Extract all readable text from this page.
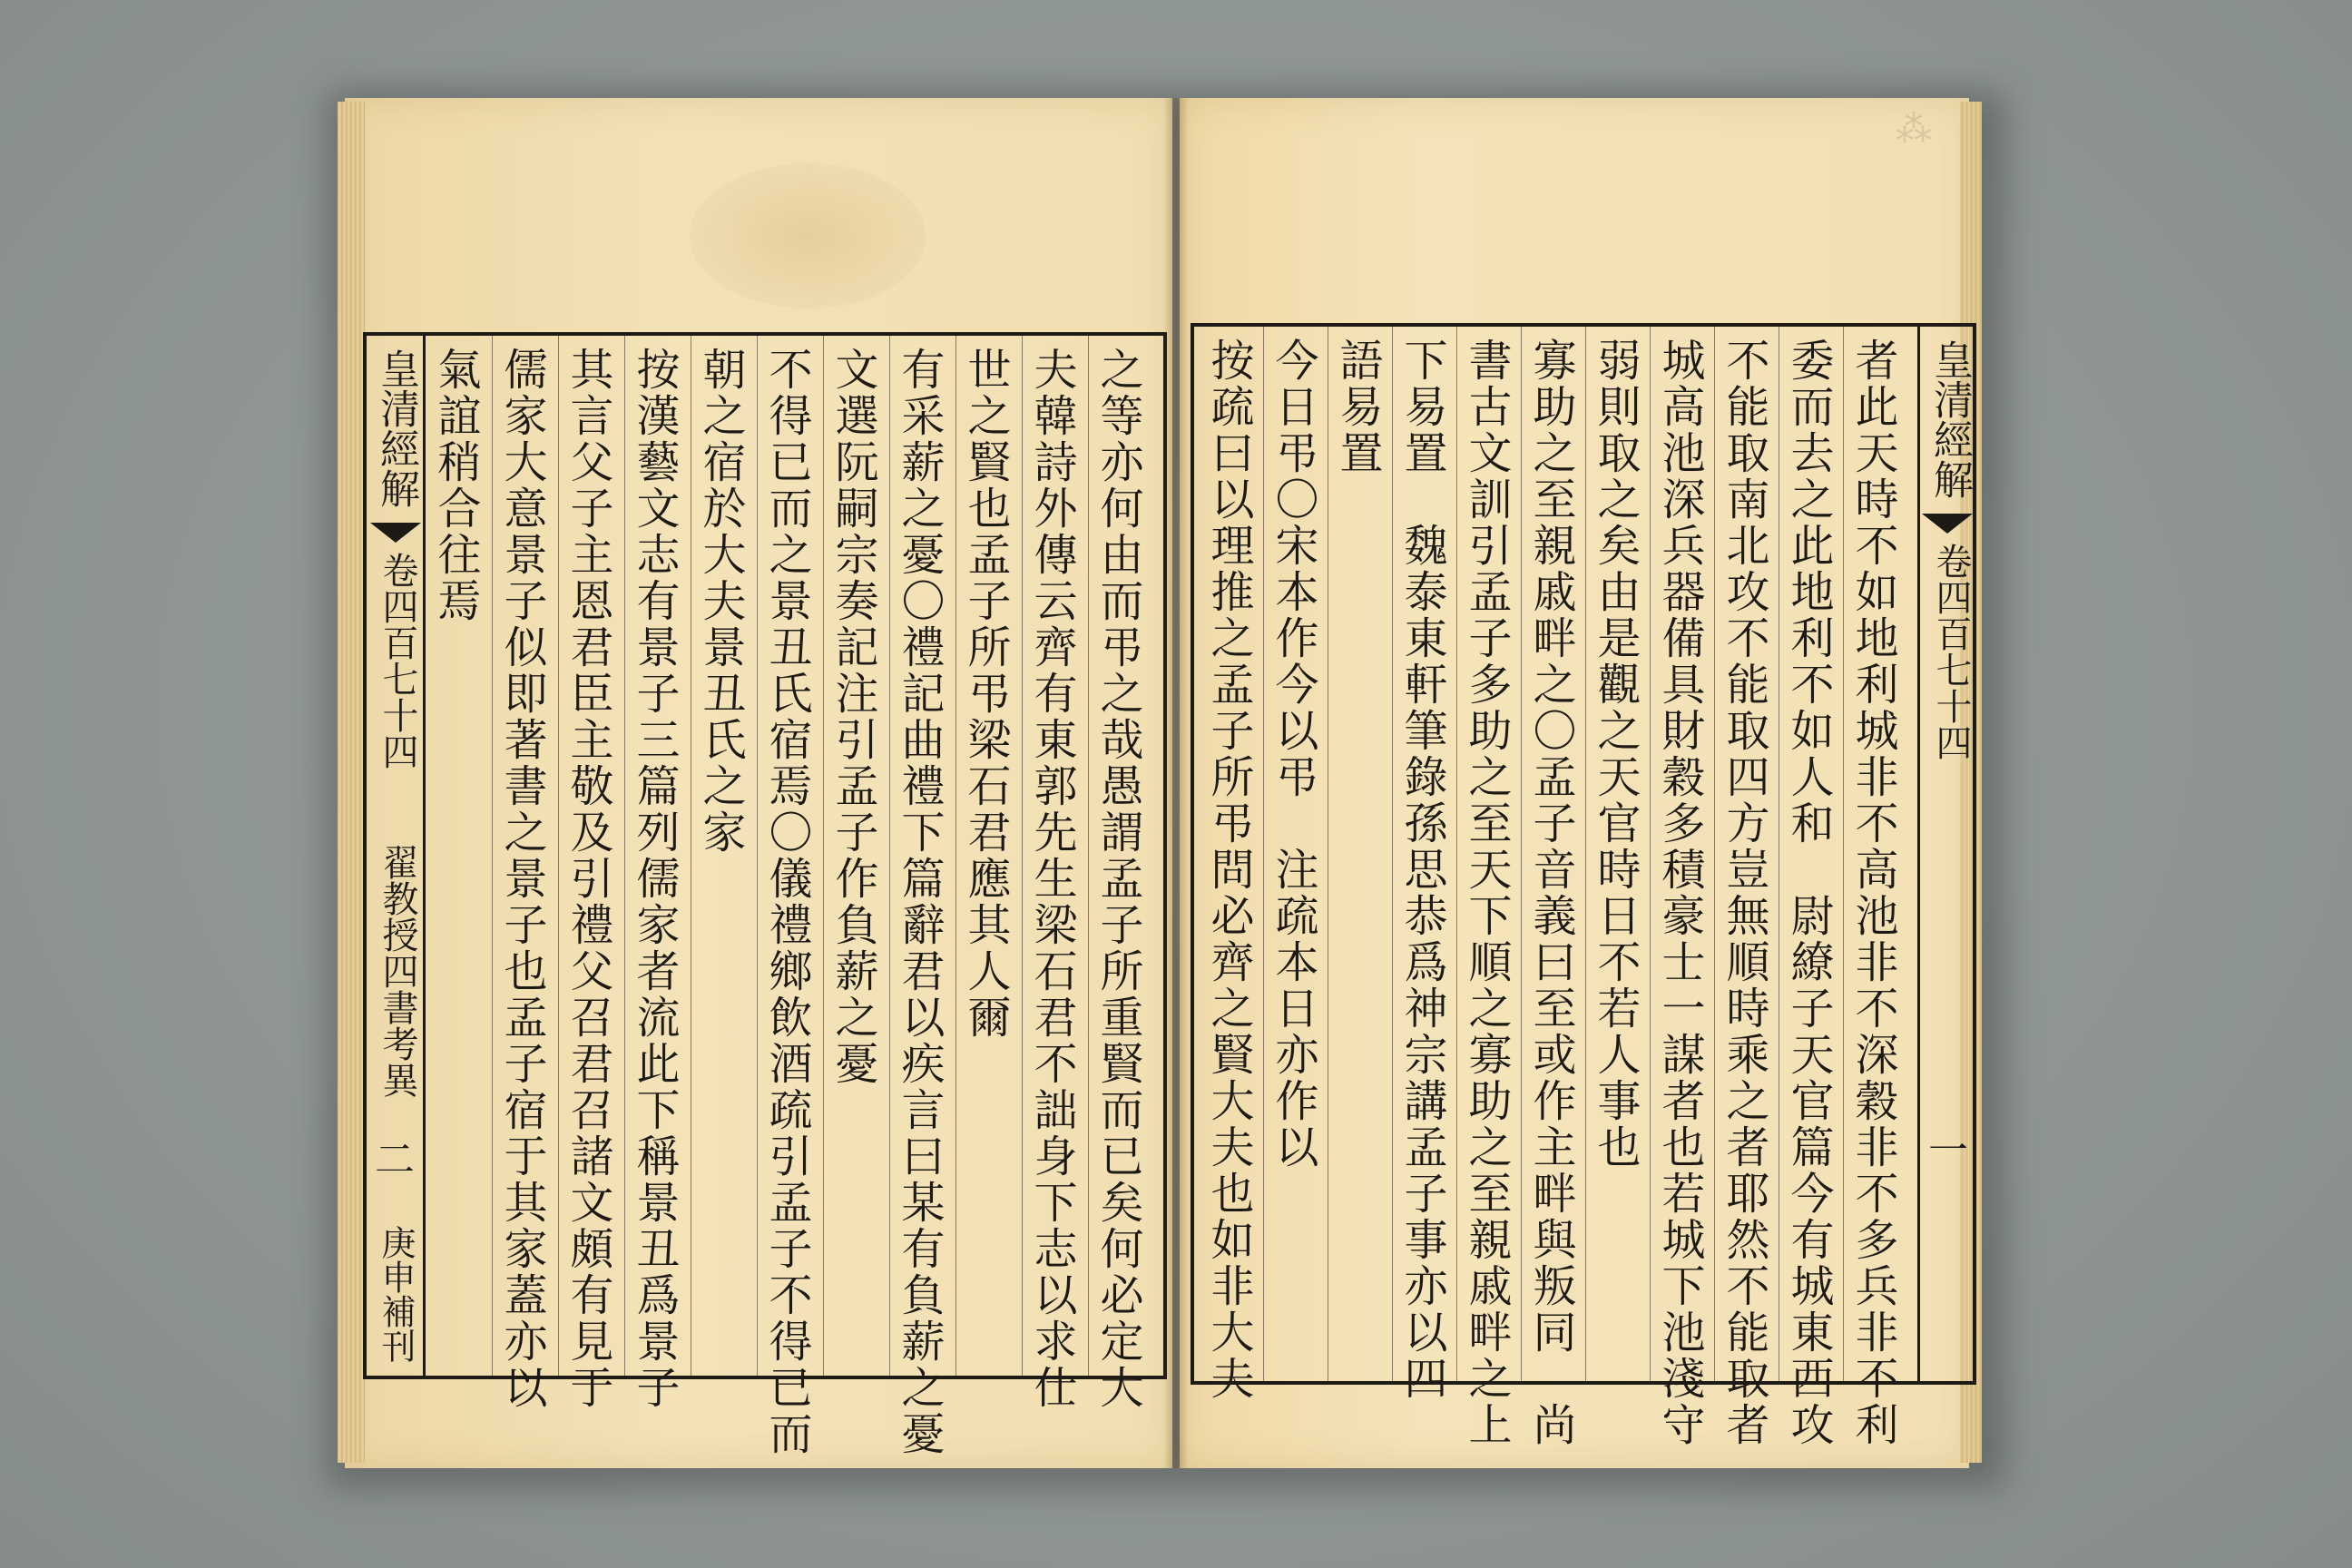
皇清經解
卷四百七十四
翟教授四書考異
二
庚申補刊	之等亦何由而弔之哉愚謂孟子所重賢而已矣何必定大
夫韓詩外傳云齊有東郭先生梁石君不詘身下志以求仕
世之賢也孟子所弔梁石君應其人爾
有采薪之憂〇禮記曲禮下篇辭君以疾言曰某有負薪之憂
文選阮嗣宗奏記注引孟子作負薪之憂
不得已而之景丑氏宿焉〇儀禮鄉飲酒疏引孟子不得已而
朝之宿於大夫景丑氏之家
按漢藝文志有景子三篇列儒家者流此下稱景丑爲景子
其言父子主恩君臣主敬及引禮父召君召諸文頗有見于
儒家大意景子似即著書之景子也孟子宿于其家蓋亦以
氣誼稍合往焉
⁂
者此天時不如地利城非不高池非不深穀非不多兵非不利
委而去之此地利不如人和　尉繚子天官篇今有城東西攻
不能取南北攻不能取四方豈無順時乘之者耶然不能取者
城高池深兵器備具財穀多積豪士一謀者也若城下池淺守
弱則取之矣由是觀之天官時日不若人事也
寡助之至親戚畔之〇孟子音義曰至或作主畔與叛同　尚
書古文訓引孟子多助之至天下順之寡助之至親戚畔之上
下易置　魏泰東軒筆錄孫思恭爲神宗講孟子事亦以四
語易置
今日弔〇宋本作今以弔　注疏本日亦作以
按疏曰以理推之孟子所弔問必齊之賢大夫也如非大夫	皇清經解
卷四百七十四
一
